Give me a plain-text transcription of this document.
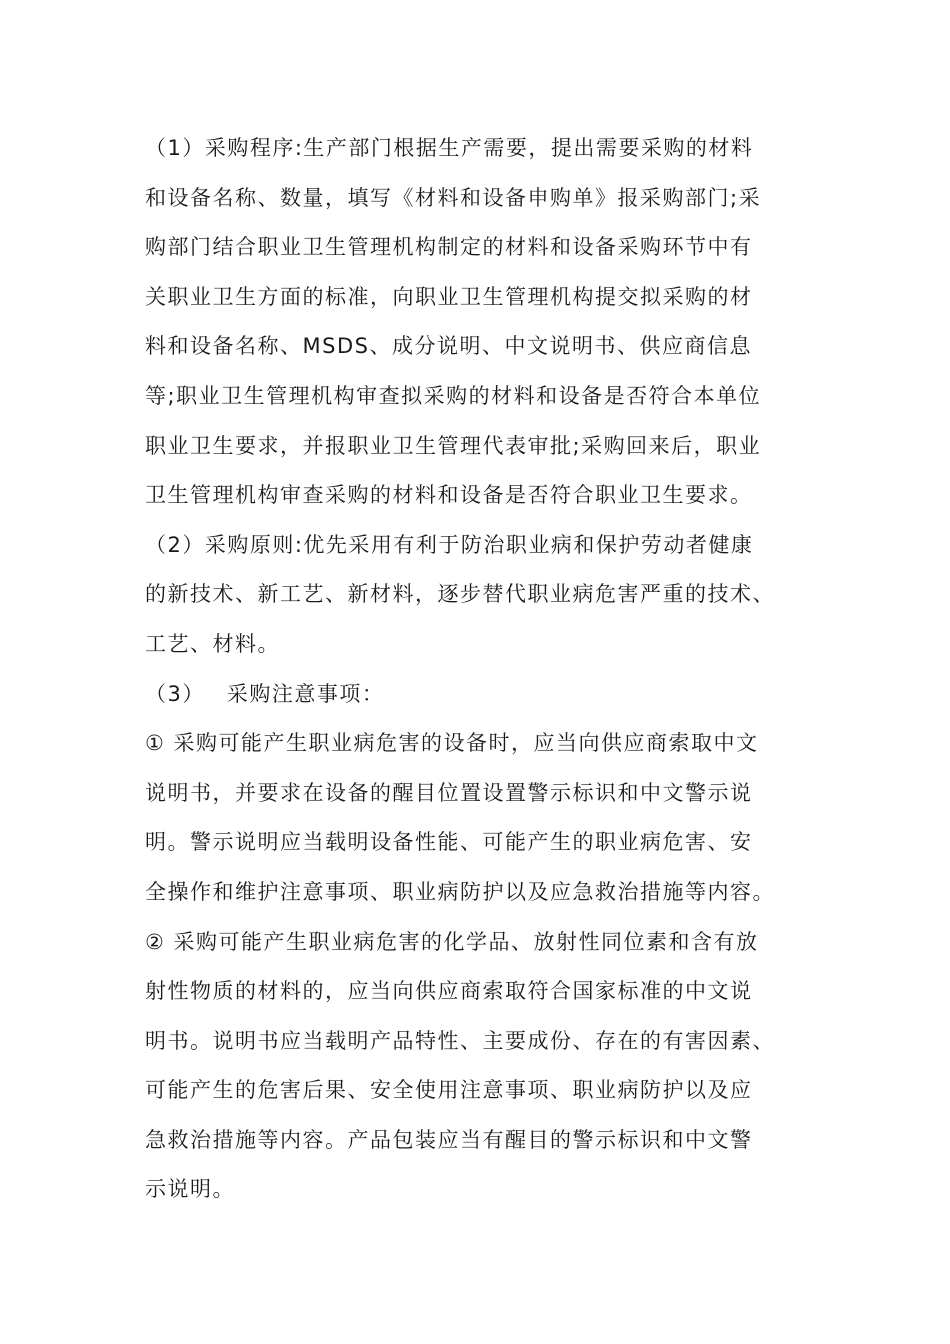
（1）采购程序:生产部门根据生产需要，提出需要采购的材料
和设备名称、数量，填写《材料和设备申购单》报采购部门;采
购部门结合职业卫生管理机构制定的材料和设备采购环节中有
关职业卫生方面的标准，向职业卫生管理机构提交拟采购的材
料和设备名称、MSDS、成分说明、中文说明书、供应商信息
等;职业卫生管理机构审查拟采购的材料和设备是否符合本单位
职业卫生要求，并报职业卫生管理代表审批;采购回来后，职业
卫生管理机构审查采购的材料和设备是否符合职业卫生要求。
（2）采购原则:优先采用有利于防治职业病和保护劳动者健康
的新技术、新工艺、新材料，逐步替代职业病危害严重的技术、
工艺、材料。
（3） 采购注意事项：
① 采购可能产生职业病危害的设备时，应当向供应商索取中文
说明书，并要求在设备的醒目位置设置警示标识和中文警示说
明。警示说明应当载明设备性能、可能产生的职业病危害、安
全操作和维护注意事项、职业病防护以及应急救治措施等内容。
② 采购可能产生职业病危害的化学品、放射性同位素和含有放
射性物质的材料的，应当向供应商索取符合国家标准的中文说
明书。说明书应当载明产品特性、主要成份、存在的有害因素、
可能产生的危害后果、安全使用注意事项、职业病防护以及应
急救治措施等内容。产品包装应当有醒目的警示标识和中文警
示说明。
